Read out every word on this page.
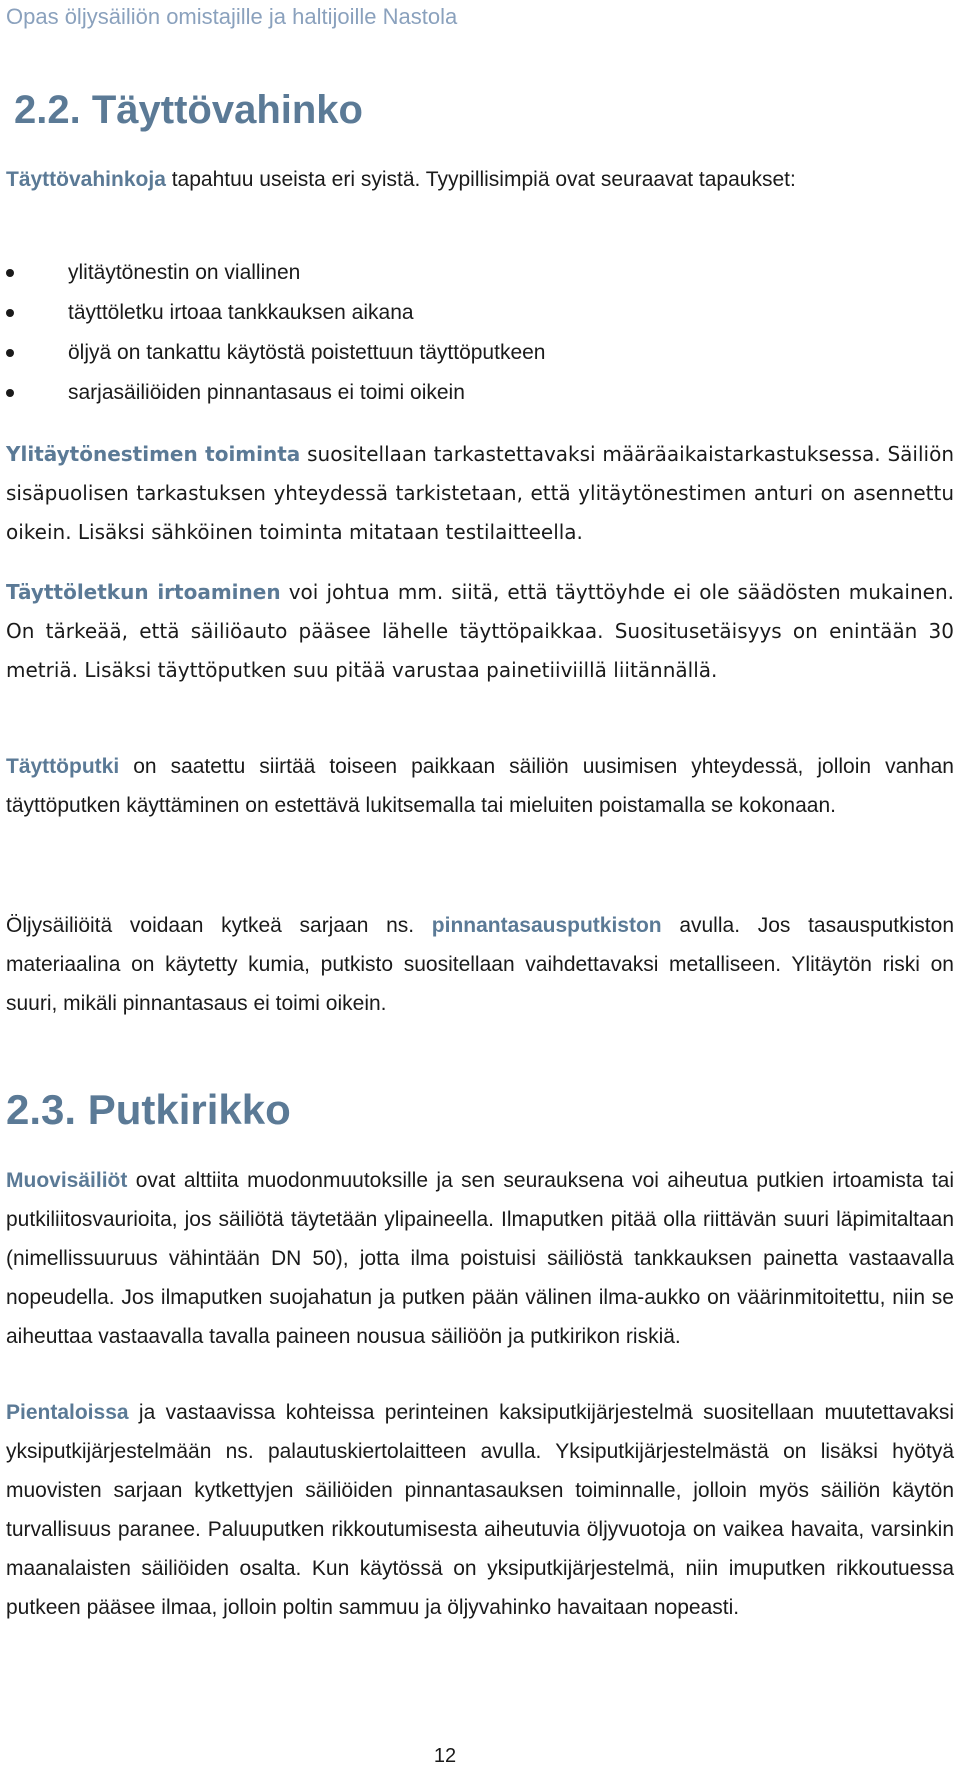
Opas öljysäiliön omistajille ja haltijoille Nastola
2.2. Täyttövahinko

Täyttövahinkoja tapahtuu useista eri syistä. Tyypillisimpiä ovat seuraavat tapaukset:

ylitäytönestin on viallinen
täyttöletku irtoaa tankkauksen aikana
öljyä on tankattu käytöstä poistettuun täyttöputkeen
sarjasäiliöiden pinnantasaus ei toimi oikein

Ylitäytönestimen toiminta suositellaan tarkastettavaksi määräaikaistarkastuksessa. Säiliön sisäpuolisen tarkastuksen yhteydessä tarkistetaan, että ylitäytönestimen anturi on asennettu oikein. Lisäksi sähköinen toiminta mitataan testilaitteella.

Täyttöletkun irtoaminen voi johtua mm. siitä, että täyttöyhde ei ole säädösten mukainen. On tärkeää, että säiliöauto pääsee lähelle täyttöpaikkaa. Suositusetäisyys on enintään 30 metriä. Lisäksi täyttöputken suu pitää varustaa painetiiviillä liitännällä.

Täyttöputki on saatettu siirtää toiseen paikkaan säiliön uusimisen yhteydessä, jolloin vanhan täyttöputken käyttäminen on estettävä lukitsemalla tai mieluiten poistamalla se kokonaan.

Öljysäiliöitä voidaan kytkeä sarjaan ns. pinnantasausputkiston avulla. Jos tasausputkiston materiaalina on käytetty kumia, putkisto suositellaan vaihdettavaksi metalliseen. Ylitäytön riski on suuri, mikäli pinnantasaus ei toimi oikein.

2.3. Putkirikko

Muovisäiliöt ovat alttiita muodonmuutoksille ja sen seurauksena voi aiheutua putkien irtoamista tai putkiliitosvaurioita, jos säiliötä täytetään ylipaineella. Ilmaputken pitää olla riittävän suuri läpimitaltaan (nimellissuuruus vähintään DN 50), jotta ilma poistuisi säiliöstä tankkauksen painetta vastaavalla nopeudella. Jos ilmaputken suojahatun ja putken pään välinen ilma-aukko on väärinmitoitettu, niin se aiheuttaa vastaavalla tavalla paineen nousua säiliöön ja putkirikon riskiä.

Pientaloissa ja vastaavissa kohteissa perinteinen kaksiputkijärjestelmä suositellaan muutettavaksi yksiputkijärjestelmään ns. palautuskiertolaitteen avulla. Yksiputkijärjestelmästä on lisäksi hyötyä muovisten sarjaan kytkettyjen säiliöiden pinnantasauksen toiminnalle, jolloin myös säiliön käytön turvallisuus paranee. Paluuputken rikkoutumisesta aiheutuvia öljyvuotoja on vaikea havaita, varsinkin maanalaisten säiliöiden osalta. Kun käytössä on yksiputkijärjestelmä, niin imuputken rikkoutuessa putkeen pääsee ilmaa, jolloin poltin sammuu ja öljyvahinko havaitaan nopeasti.

12
